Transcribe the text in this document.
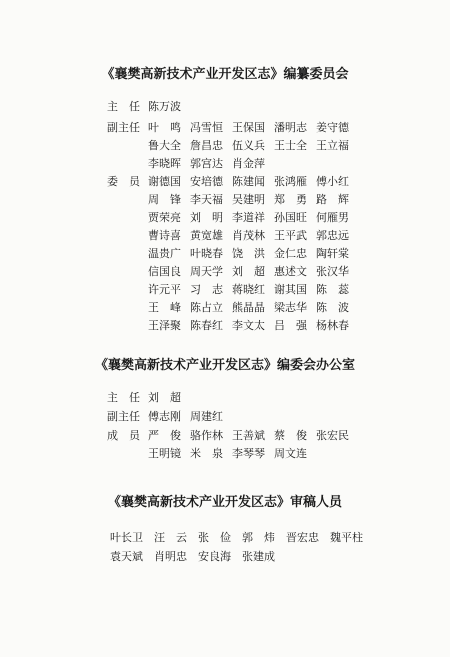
《襄樊高新技术产业开发区志》编纂委员会
主　任 陈万波
副主任 叶　鸣 冯雪恒 王保国 潘明志 姜守德
鲁大全 詹昌忠 伍义兵 王士全 王立福
李晓晖 郭宫达 肖金萍
委　员 谢德国 安培德 陈建闻 张鸿雁 傅小红
周　锋 李天福 吴建明 郑　勇 路　辉
贾荣亮 刘　明 李道祥 孙国旺 何雁男
曹诗喜 黄宽雄 肖茂林 王平武 郭忠远
温贵广 叶晓春 饶　洪 金仁忠 陶轩棠
信国良 周天学 刘　超 惠述文 张汉华
许元平 习　志 蒋晓红 谢其国 陈　蕊
王　峰 陈占立 熊晶晶 梁志华 陈　波
王泽聚 陈春红 李文太 吕　强 杨林春
《襄樊高新技术产业开发区志》编委会办公室
主　任 刘　超
副主任 傅志刚 周建红
成　员 严　俊 骆作林 王善斌 蔡　俊 张宏民
王明镜 米　泉 李琴琴 周文连
《襄樊高新技术产业开发区志》审稿人员
叶长卫 汪　云 张　俭 郭　炜 晋宏忠 魏平柱
袁天斌 肖明忠 安良海 张建成
